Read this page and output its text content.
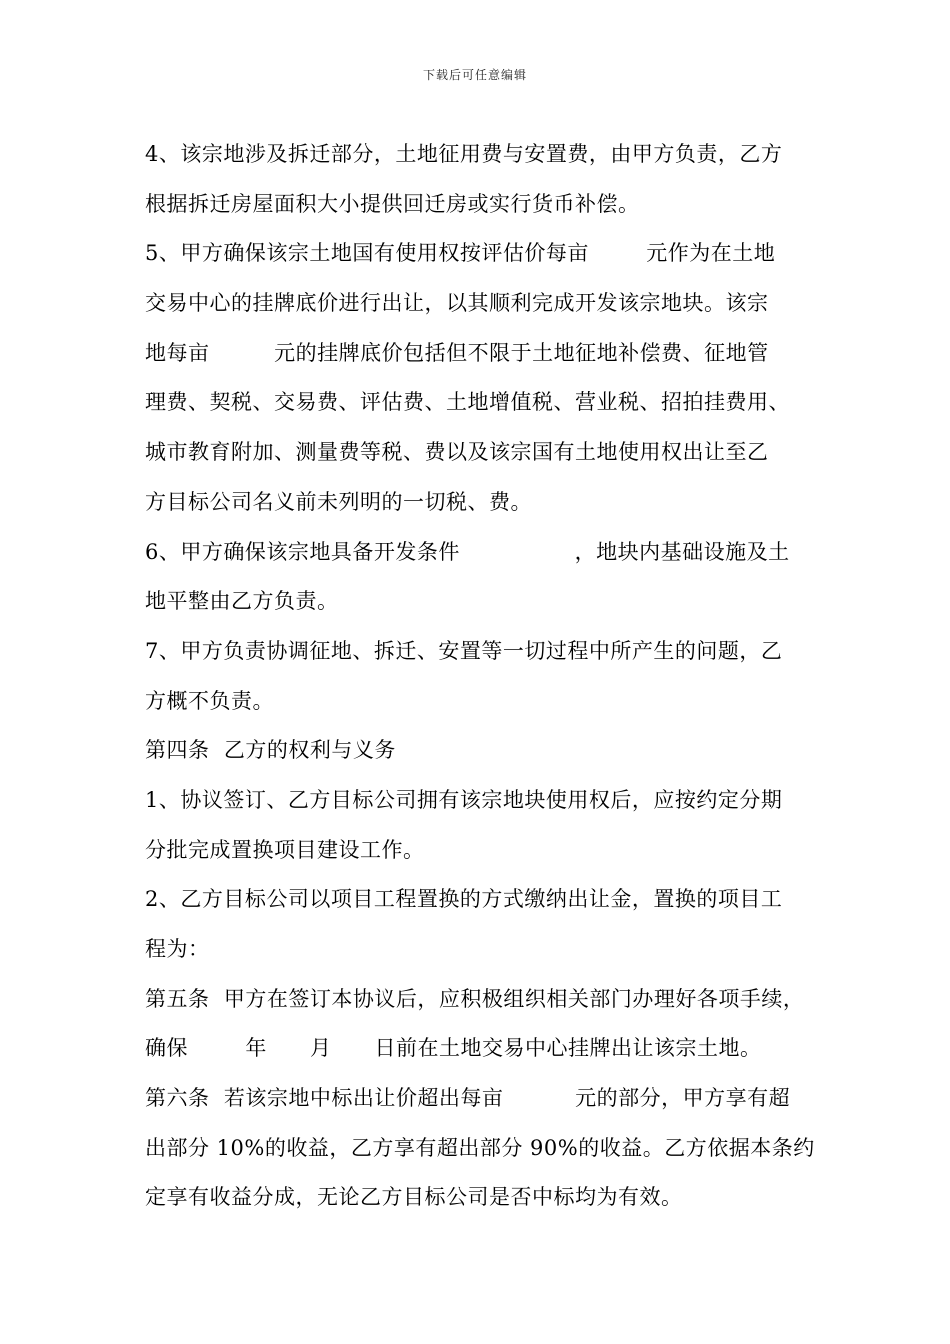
下载后可任意编辑
4、该宗地涉及拆迁部分，土地征用费与安置费，由甲方负责，乙方
根据拆迁房屋面积大小提供回迁房或实行货币补偿。
5、甲方确保该宗土地国有使用权按评估价每亩        元作为在土地
交易中心的挂牌底价进行出让，以其顺利完成开发该宗地块。该宗
地每亩         元的挂牌底价包括但不限于土地征地补偿费、征地管
理费、契税、交易费、评估费、土地增值税、营业税、招拍挂费用、
城市教育附加、测量费等税、费以及该宗国有土地使用权出让至乙
方目标公司名义前未列明的一切税、费。
6、甲方确保该宗地具备开发条件                ，地块内基础设施及土
地平整由乙方负责。
7、甲方负责协调征地、拆迁、安置等一切过程中所产生的问题，乙
方概不负责。
第四条  乙方的权利与义务
1、协议签订、乙方目标公司拥有该宗地块使用权后，应按约定分期
分批完成置换项目建设工作。
2、乙方目标公司以项目工程置换的方式缴纳出让金，置换的项目工
程为：
第五条  甲方在签订本协议后，应积极组织相关部门办理好各项手续，
确保        年      月      日前在土地交易中心挂牌出让该宗土地。
第六条  若该宗地中标出让价超出每亩          元的部分，甲方享有超
出部分 10%的收益，乙方享有超出部分 90%的收益。乙方依据本条约
定享有收益分成，无论乙方目标公司是否中标均为有效。
